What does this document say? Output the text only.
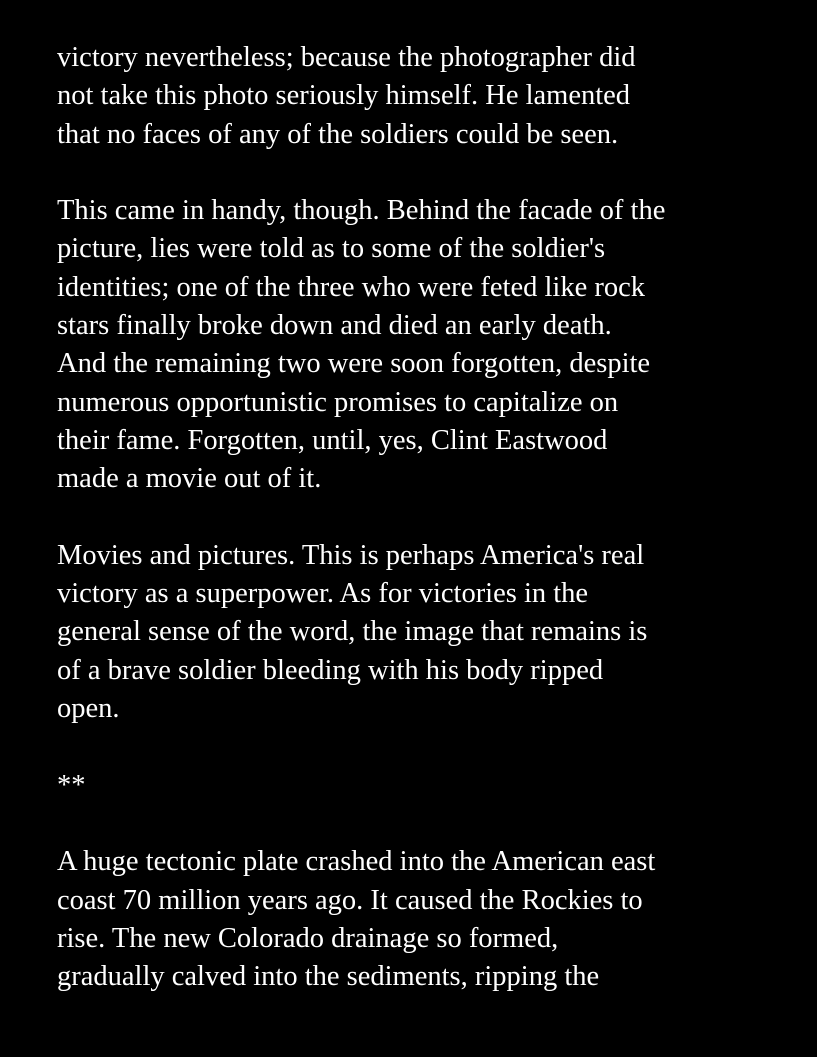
victory nevertheless; because the photographer did
not take this photo seriously himself. He lamented
that no faces of any of the soldiers could be seen.
This came in handy, though. Behind the facade of the
picture, lies were told as to some of the soldier's
identities; one of the three who were feted like rock
stars finally broke down and died an early death.
And the remaining two were soon forgotten, despite
numerous opportunistic promises to capitalize on
their fame. Forgotten, until, yes, Clint Eastwood
made a movie out of it.
Movies and pictures. This is perhaps America's real
victory as a superpower. As for victories in the
general sense of the word, the image that remains is
of a brave soldier bleeding with his body ripped
open.
**
A huge tectonic plate crashed into the American east
coast 70 million years ago. It caused the Rockies to
rise. The new Colorado drainage so formed,
gradually calved into the sediments, ripping the
